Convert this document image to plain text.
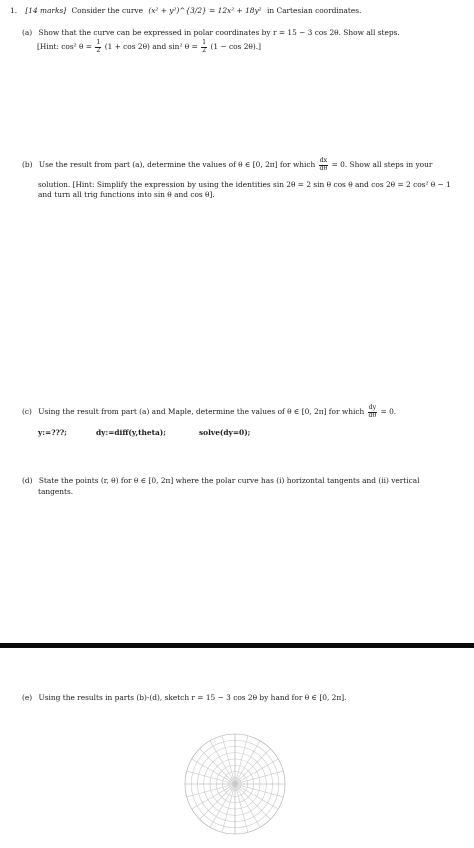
1. [14 marks] Consider the curve (x² + y²)^{3/2} = 12x² + 18y² in Cartesian coordinates.
(a) Show that the curve can be expressed in polar coordinates by r = 15 − 3 cos 2θ. Show all steps.
[Hint: cos² $\theta = \frac{1}{2} (1 + \cos 2\theta)$ and sin² $\theta = \frac{1}{2} (1 - \cos 2\theta)$.]
(b) Use the result from part (a), determine the values of θ ∈ [0, 2π] for which $\frac{dx}{d\theta} = 0$. Show all steps in your
solution. [Hint: Simplify the expression by using the identities sin 2θ = 2 sin θ cos θ and cos 2θ = 2 cos² θ − 1
and turn all trig functions into sin θ and cos θ].
(c) Using the result from part (a) and Maple, determine the values of θ ∈ [0, 2π] for which $\frac{dy}{d\theta} = 0$.
y:=???;	dy:=diff(y,theta);	solve(dy=0);
(d) State the points (r, θ) for θ ∈ [0, 2π] where the polar curve has (i) horizontal tangents and (ii) vertical
tangents.
(e) Using the results in parts (b)-(d), sketch r = 15 − 3 cos 2θ by hand for θ ∈ [0, 2π].
